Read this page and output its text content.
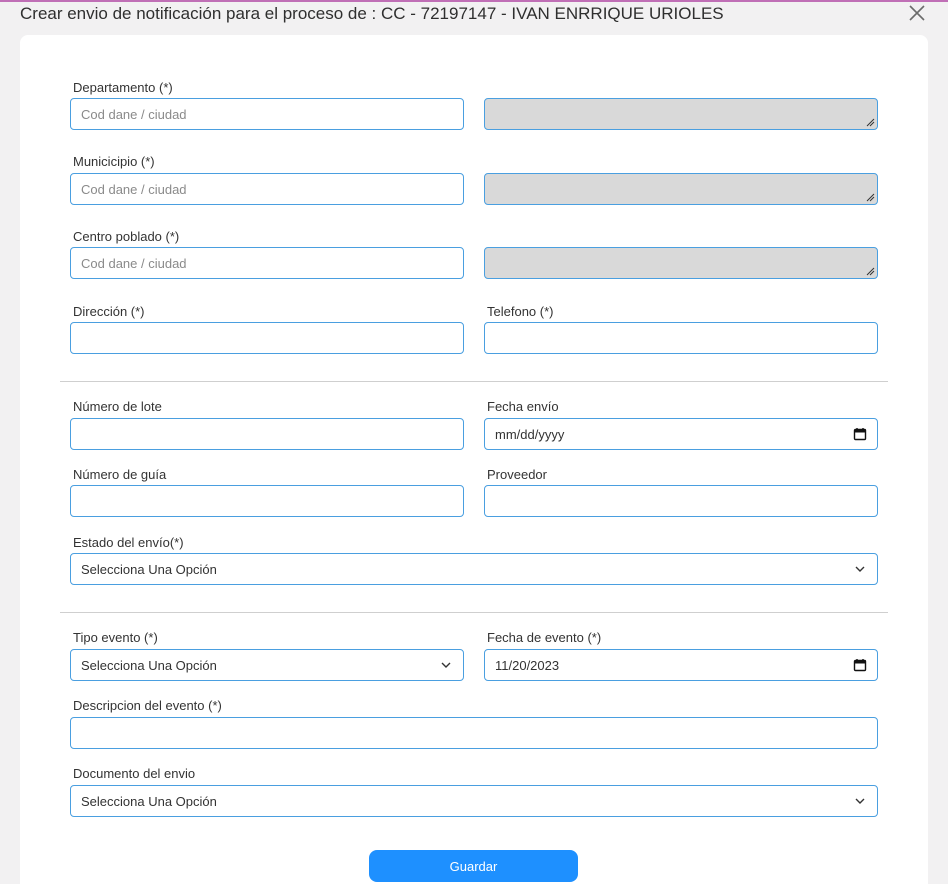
Crear envio de notificación para el proceso de : CC - 72197147 - IVAN ENRRIQUE URIOLES
Departamento (*)
Cod dane / ciudad
Municicipio (*)
Cod dane / ciudad
Centro poblado (*)
Cod dane / ciudad
Dirección (*)	Telefono (*)
Número de lote	Fecha envío
mm/dd/yyyy
Número de guía	Proveedor
Estado del envío(*)
Selecciona Una Opción
Tipo evento (*)
Selecciona Una Opción
Fecha de evento (*)
11/20/2023
Descripcion del evento (*)
Documento del envio
Selecciona Una Opción
Guardar
